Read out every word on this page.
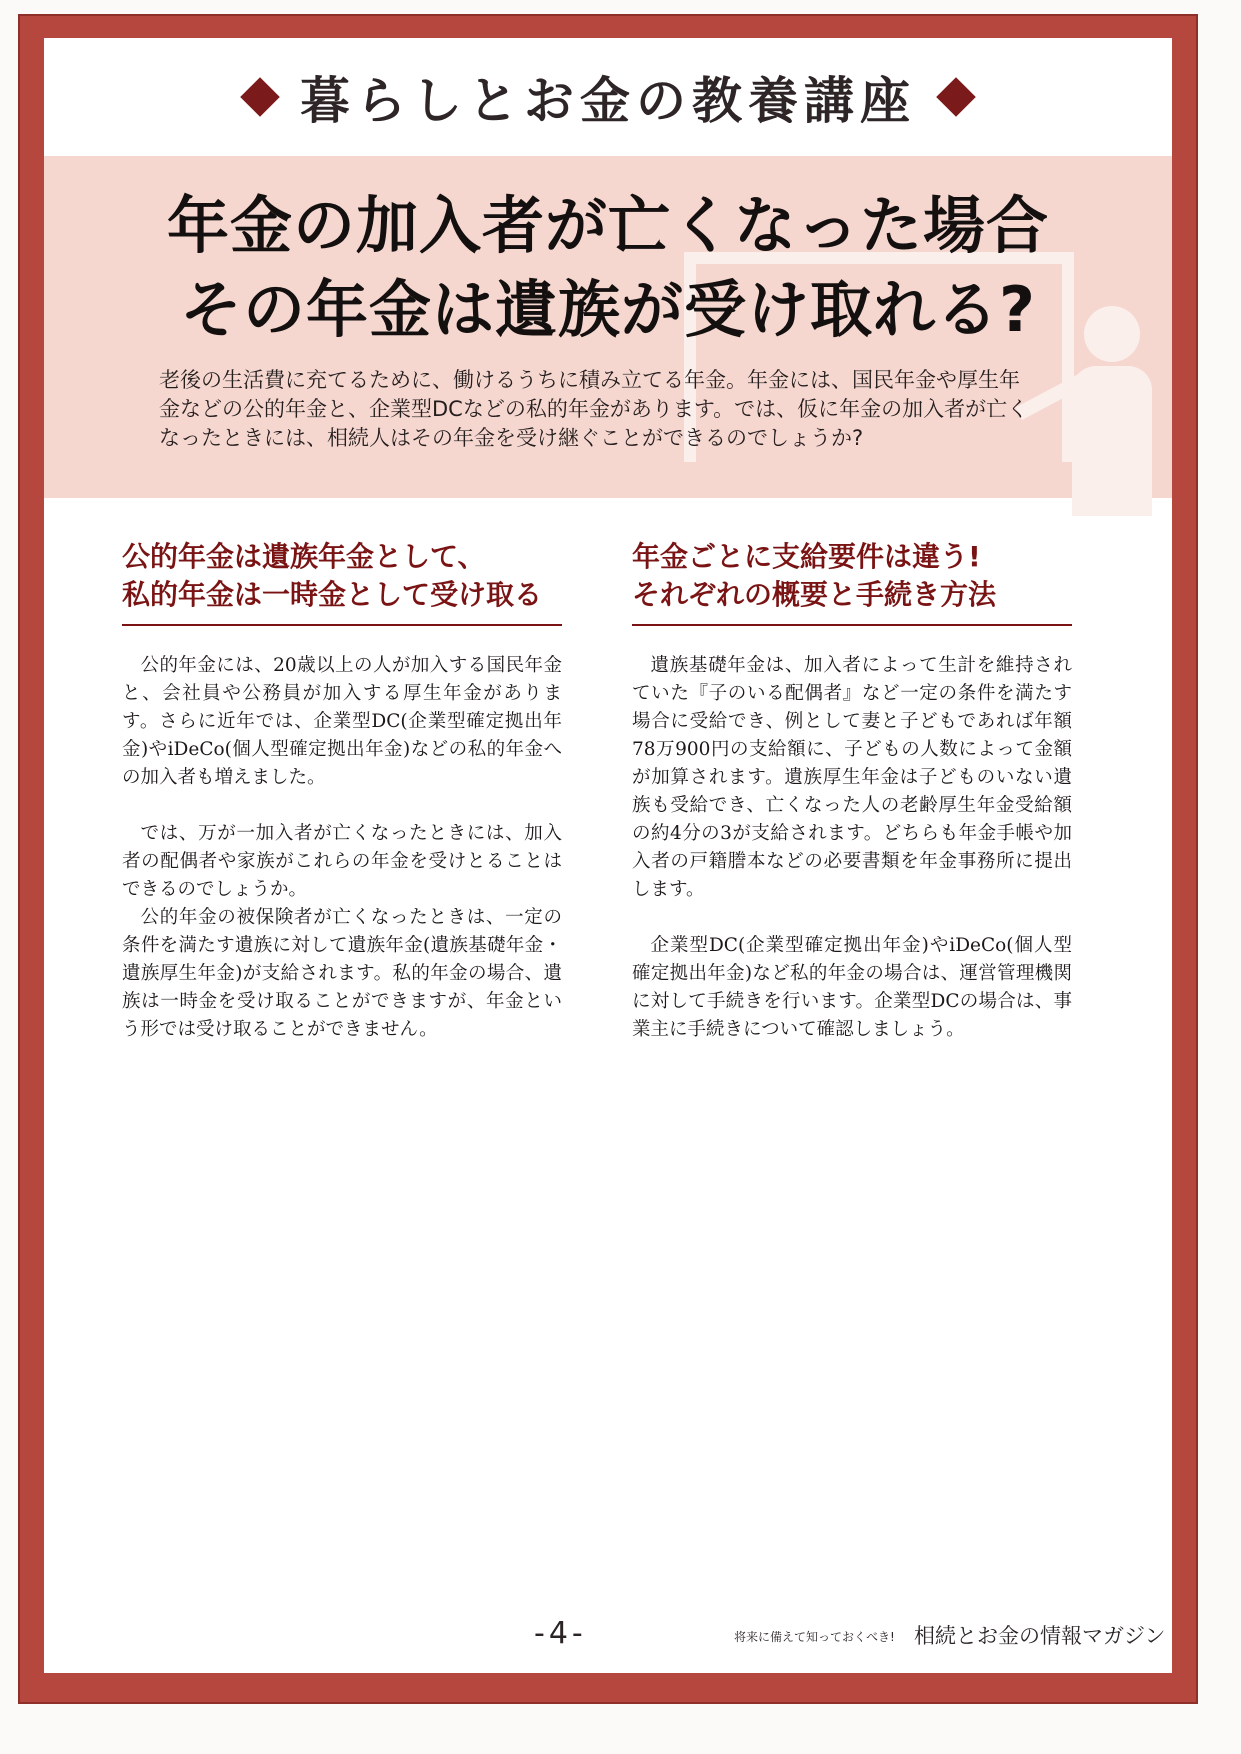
暮らしとお金の教養講座
年金の加入者が亡くなった場合
その年金は遺族が受け取れる?
老後の生活費に充てるために、働けるうちに積み立てる年金。年金には、国民年金や厚生年金などの公的年金と、企業型DCなどの私的年金があります。では、仮に年金の加入者が亡くなったときには、相続人はその年金を受け継ぐことができるのでしょうか?
公的年金は遺族年金として、
私的年金は一時金として受け取る

公的年金には、20歳以上の人が加入する国民年金と、会社員や公務員が加入する厚生年金があります。さらに近年では、企業型DC(企業型確定拠出年金)やiDeCo(個人型確定拠出年金)などの私的年金への加入者も増えました。

では、万が一加入者が亡くなったときには、加入者の配偶者や家族がこれらの年金を受けとることはできるのでしょうか。

公的年金の被保険者が亡くなったときは、一定の条件を満たす遺族に対して遺族年金(遺族基礎年金・遺族厚生年金)が支給されます。私的年金の場合、遺族は一時金を受け取ることができますが、年金という形では受け取ることができません。

年金ごとに支給要件は違う!
それぞれの概要と手続き方法

遺族基礎年金は、加入者によって生計を維持されていた『子のいる配偶者』など一定の条件を満たす場合に受給でき、例として妻と子どもであれば年額78万900円の支給額に、子どもの人数によって金額が加算されます。遺族厚生年金は子どものいない遺族も受給でき、亡くなった人の老齢厚生年金受給額の約4分の3が支給されます。どちらも年金手帳や加入者の戸籍謄本などの必要書類を年金事務所に提出します。

企業型DC(企業型確定拠出年金)やiDeCo(個人型確定拠出年金)など私的年金の場合は、運営管理機関に対して手続きを行います。企業型DCの場合は、事業主に手続きについて確認しましょう。

-4-	将来に備えて知っておくべき! 相続とお金の情報マガジン
